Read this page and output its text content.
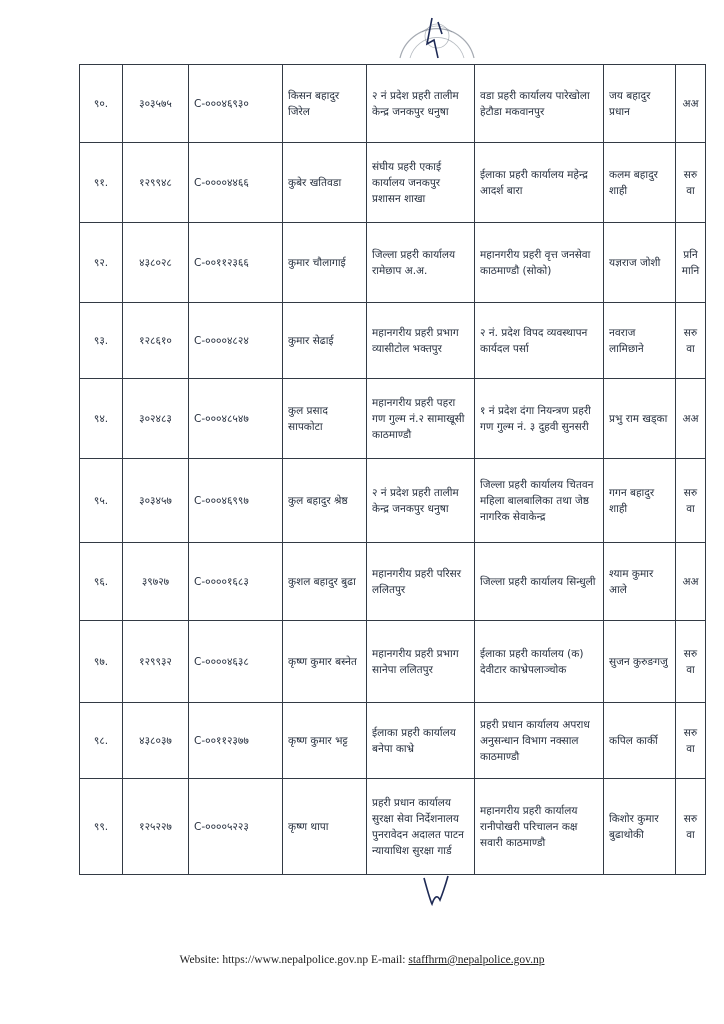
९०.	३०३५७५	C-०००४६९३०	किसन बहादुर जिरेल	२ नं प्रदेश प्रहरी तालीम केन्द्र जनकपुर धनुषा	वडा प्रहरी कार्यालय पारेखोला हेटौडा मकवानपुर	जय बहादुर प्रधान	अअ
९१.	१२९९४८	C-००००४४६६	कुबेर खतिवडा	संघीय प्रहरी एकाई कार्यालय जनकपुर प्रशासन शाखा	ईलाका प्रहरी कार्यालय महेन्द्र आदर्श बारा	कलम बहादुर शाही	सरुवा
९२.	४३८०२८	C-००११२३६६	कुमार चौलागाई	जिल्ला प्रहरी कार्यालय रामेछाप अ.अ.	महानगरीय प्रहरी वृत्त जनसेवा काठमाण्डौ (सोको)	यज्ञराज जोशी	प्रनिमानि
९३.	१२८६१०	C-००००४८२४	कुमार सेढाई	महानगरीय प्रहरी प्रभाग व्यासीटोल भक्तपुर	२ नं. प्रदेश विपद व्यवस्थापन कार्यदल पर्सा	नवराज लामिछाने	सरुवा
९४.	३०२४८३	C-०००४८५४७	कुल प्रसाद सापकोटा	महानगरीय प्रहरी पहरा गण गुल्म नं.२ सामाखूसी काठमाण्डौ	१ नं प्रदेश दंगा नियन्त्रण प्रहरी गण गुल्म नं. ३ दुहवी सुनसरी	प्रभु राम खड्का	अअ
९५.	३०३४५७	C-०००४६९९७	कुल बहादुर श्रेष्ठ	२ नं प्रदेश प्रहरी तालीम केन्द्र जनकपुर धनुषा	जिल्ला प्रहरी कार्यालय चितवन महिला बालबालिका तथा जेष्ठ नागरिक सेवाकेन्द्र	गगन बहादुर शाही	सरुवा
९६.	३९७२७	C-००००१६८३	कुशल बहादुर बुढा	महानगरीय प्रहरी परिसर ललितपुर	जिल्ला प्रहरी कार्यालय सिन्धुली	श्याम कुमार आले	अअ
९७.	१२९९३२	C-००००४६३८	कृष्ण कुमार बस्नेत	महानगरीय प्रहरी प्रभाग सानेपा ललितपुर	ईलाका प्रहरी कार्यालय (क) देवीटार काभ्रेपलाञ्चोक	सुजन कुरुङगजु	सरुवा
९८.	४३८०३७	C-००११२३७७	कृष्ण कुमार भट्ट	ईलाका प्रहरी कार्यालय बनेपा काभ्रे	प्रहरी प्रधान कार्यालय अपराध अनुसन्धान विभाग नक्साल काठमाण्डौ	कपिल कार्की	सरुवा
९९.	१२५२२७	C-००००५२२३	कृष्ण थापा	प्रहरी प्रधान कार्यालय सुरक्षा सेवा निर्देशनालय पुनरावेदन अदालत पाटन न्यायाधिश सुरक्षा गार्ड	महानगरीय प्रहरी कार्यालय रानीपोखरी परिचालन कक्ष सवारी काठमाण्डौ	किशोर कुमार बुढाथोकी	सरुवा
Website: https://www.nepalpolice.gov.np E-mail: staffhrm@nepalpolice.gov.np
